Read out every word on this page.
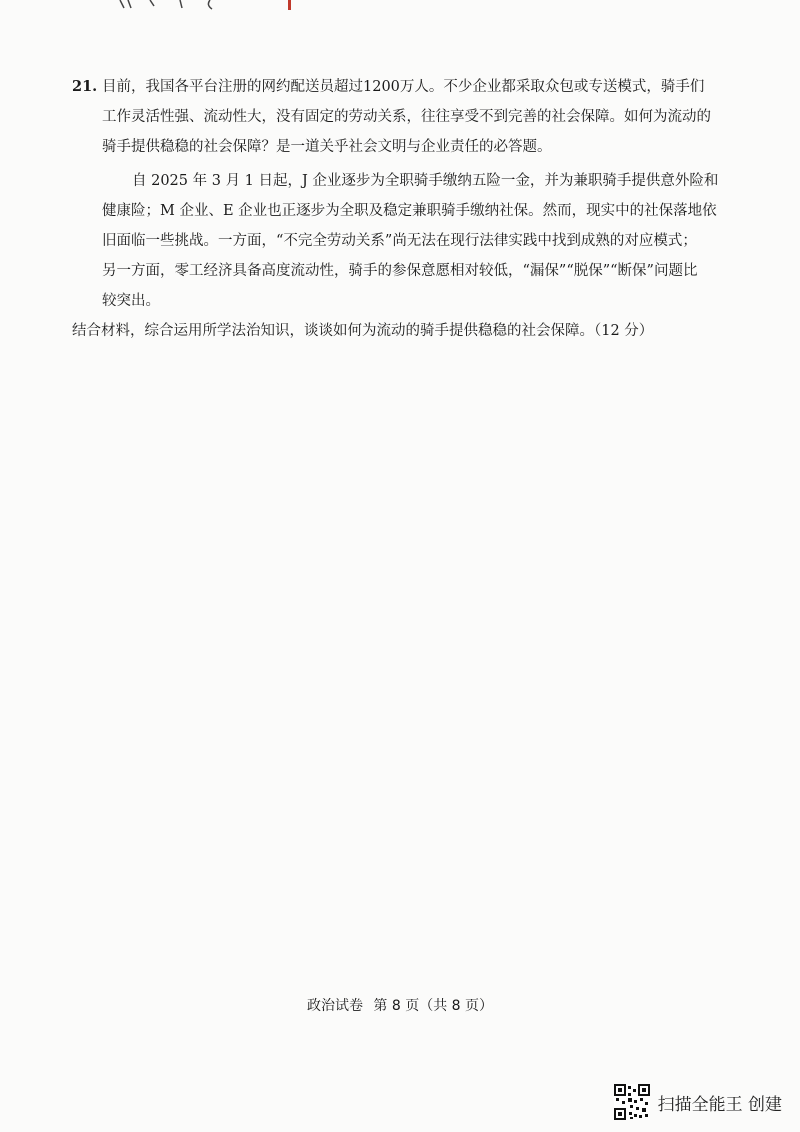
21. 目前，我国各平台注册的网约配送员超过1200万人。不少企业都采取众包或专送模式，骑手们
工作灵活性强、流动性大，没有固定的劳动关系，往往享受不到完善的社会保障。如何为流动的
骑手提供稳稳的社会保障？是一道关乎社会文明与企业责任的必答题。
自 2025 年 3 月 1 日起，J 企业逐步为全职骑手缴纳五险一金，并为兼职骑手提供意外险和
健康险；M 企业、E 企业也正逐步为全职及稳定兼职骑手缴纳社保。然而，现实中的社保落地依
旧面临一些挑战。一方面，“不完全劳动关系”尚无法在现行法律实践中找到成熟的对应模式；
另一方面，零工经济具备高度流动性，骑手的参保意愿相对较低，“漏保”“脱保”“断保”问题比
较突出。
结合材料，综合运用所学法治知识，谈谈如何为流动的骑手提供稳稳的社会保障。（12 分）
政治试卷 第 8 页（共 8 页）
扫描全能王 创建
